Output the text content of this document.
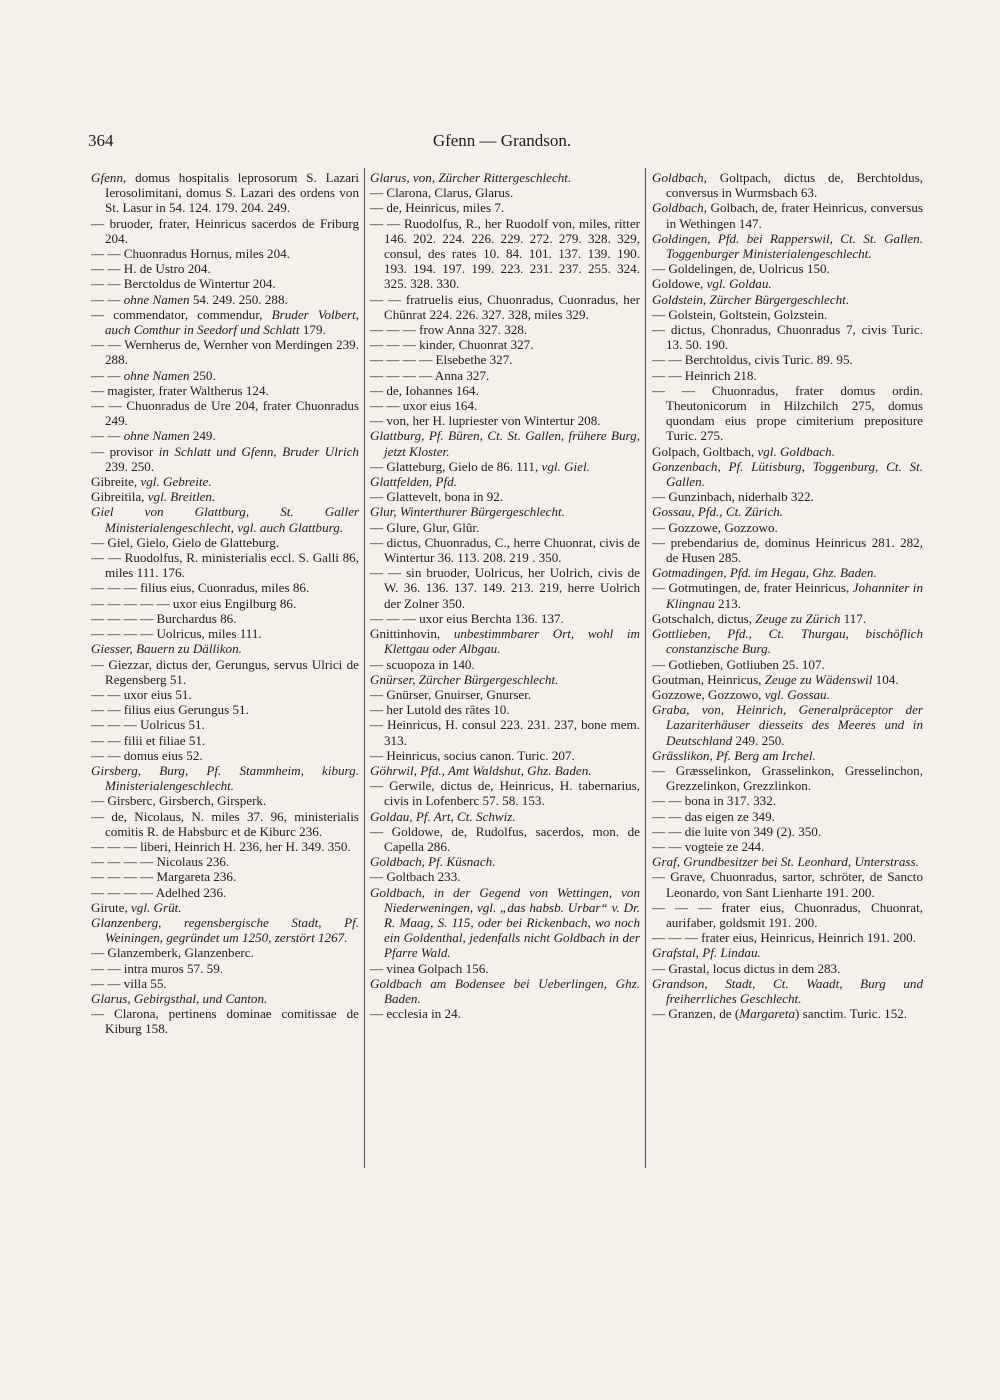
364	Gfenn — Grandson.

Gfenn, domus hospitalis leprosorum S. Lazari Ierosolimitani, domus S. Lazari des ordens von St. Lasur in 54. 124. 179. 204. 249.

— bruoder, frater, Heinricus sacerdos de Friburg 204.

— — Chuonradus Hornus, miles 204.

— — H. de Ustro 204.

— — Berctoldus de Wintertur 204.

— — ohne Namen 54. 249. 250. 288.

— commendator, commendur, Bruder Volbert, auch Comthur in Seedorf und Schlatt 179.

— — Wernherus de, Wernher von Merdingen 239. 288.

— — ohne Namen 250.

— magister, frater Waltherus 124.

— — Chuonradus de Ure 204, frater Chuonradus 249.

— — ohne Namen 249.

— provisor in Schlatt und Gfenn, Bruder Ulrich 239. 250.

Gibreite, vgl. Gebreite.

Gibreitila, vgl. Breitlen.

Giel von Glattburg, St. Galler Ministerialengeschlecht, vgl. auch Glattburg.

— Giel, Gielo, Gielo de Glatteburg.

— — Ruodolfus, R. ministerialis eccl. S. Galli 86, miles 111. 176.

— — — filius eius, Cuonradus, miles 86.

— — — — — uxor eius Engilburg 86.

— — — — Burchardus 86.

— — — — Uolricus, miles 111.

Giesser, Bauern zu Dällikon.

— Giezzar, dictus der, Gerungus, servus Ulrici de Regensberg 51.

— — uxor eius 51.

— — filius eius Gerungus 51.

— — — Uolricus 51.

— — filii et filiae 51.

— — domus eius 52.

Girsberg, Burg, Pf. Stammheim, kiburg. Ministerialengeschlecht.

— Girsberc, Girsberch, Girsperk.

— de, Nicolaus, N. miles 37. 96, ministerialis comitis R. de Habsburc et de Kiburc 236.

— — — liberi, Heinrich H. 236, her H. 349. 350.

— — — — Nicolaus 236.

— — — — Margareta 236.

— — — — Adelhed 236.

Girute, vgl. Grüt.

Glanzenberg, regensbergische Stadt, Pf. Weiningen, gegründet um 1250, zerstört 1267.

— Glanzemberk, Glanzenberc.

— — intra muros 57. 59.

— — villa 55.

Glarus, Gebirgsthal, und Canton.

— Clarona, pertinens dominae comitissae de Kiburg 158.

Glarus, von, Zürcher Rittergeschlecht.

— Clarona, Clarus, Glarus.

— de, Heinricus, miles 7.

— — Ruodolfus, R., her Ruodolf von, miles, ritter 146. 202. 224. 226. 229. 272. 279. 328. 329, consul, des rates 10. 84. 101. 137. 139. 190. 193. 194. 197. 199. 223. 231. 237. 255. 324. 325. 328. 330.

— — fratruelis eius, Chuonradus, Cuonradus, her Chûnrat 224. 226. 327. 328, miles 329.

— — — frow Anna 327. 328.

— — — kinder, Chuonrat 327.

— — — — Elsebethe 327.

— — — — Anna 327.

— de, Iohannes 164.

— — uxor eius 164.

— von, her H. lupriester von Wintertur 208.

Glattburg, Pf. Büren, Ct. St. Gallen, frühere Burg, jetzt Kloster.

— Glatteburg, Gielo de 86. 111, vgl. Giel.

Glattfelden, Pfd.

— Glattevelt, bona in 92.

Glur, Winterthurer Bürgergeschlecht.

— Glure, Glur, Glûr.

— dictus, Chuonradus, C., herre Chuonrat, civis de Wintertur 36. 113. 208. 219 . 350.

— — sin bruoder, Uolricus, her Uolrich, civis de W. 36. 136. 137. 149. 213. 219, herre Uolrich der Zolner 350.

— — — uxor eius Berchta 136. 137.

Gnittinhovin, unbestimmbarer Ort, wohl im Klettgau oder Albgau.

— scuopoza in 140.

Gnürser, Zürcher Bürgergeschlecht.

— Gnürser, Gnuirser, Gnurser.

— her Lutold des râtes 10.

— Heinricus, H. consul 223. 231. 237, bone mem. 313.

— Heinricus, socius canon. Turic. 207.

Göhrwil, Pfd., Amt Waldshut, Ghz. Baden.

— Gerwile, dictus de, Heinricus, H. tabernarius, civis in Lofenberc 57. 58. 153.

Goldau, Pf. Art, Ct. Schwiz.

— Goldowe, de, Rudolfus, sacerdos, mon. de Capella 286.

Goldbach, Pf. Küsnach.

— Goltbach 233.

Goldbach, in der Gegend von Wettingen, von Niederweningen, vgl. „das habsb. Urbar“ v. Dr. R. Maag, S. 115, oder bei Rickenbach, wo noch ein Goldenthal, jedenfalls nicht Goldbach in der Pfarre Wald.

— vinea Golpach 156.

Goldbach am Bodensee bei Ueberlingen, Ghz. Baden.

— ecclesia in 24.

Goldbach, Goltpach, dictus de, Berchtoldus, conversus in Wurmsbach 63.

Goldbach, Golbach, de, frater Heinricus, conversus in Wethingen 147.

Goldingen, Pfd. bei Rapperswil, Ct. St. Gallen. Toggenburger Ministerialengeschlecht.

— Goldelingen, de, Uolricus 150.

Goldowe, vgl. Goldau.

Goldstein, Zürcher Bürgergeschlecht.

— Golstein, Goltstein, Golzstein.

— dictus, Chonradus, Chuonradus 7, civis Turic. 13. 50. 190.

— — Berchtoldus, civis Turic. 89. 95.

— — Heinrich 218.

— — Chuonradus, frater domus ordin. Theutonicorum in Hilzchilch 275, domus quondam eius prope cimiterium prepositure Turic. 275.

Golpach, Goltbach, vgl. Goldbach.

Gonzenbach, Pf. Lütisburg, Toggenburg, Ct. St. Gallen.

— Gunzinbach, niderhalb 322.

Gossau, Pfd., Ct. Zürich.

— Gozzowe, Gozzowo.

— prebendarius de, dominus Heinricus 281. 282, de Husen 285.

Gotmadingen, Pfd. im Hegau, Ghz. Baden.

— Gotmutingen, de, frater Heinricus, Johanniter in Klingnau 213.

Gotschalch, dictus, Zeuge zu Zürich 117.

Gottlieben, Pfd., Ct. Thurgau, bischöflich constanzische Burg.

— Gotlieben, Gotliuben 25. 107.

Goutman, Heinricus, Zeuge zu Wädenswil 104.

Gozzowe, Gozzowo, vgl. Gossau.

Graba, von, Heinrich, Generalpräceptor der Lazariterhäuser diesseits des Meeres und in Deutschland 249. 250.

Grässlikon, Pf. Berg am Irchel.

— Græsselinkon, Grasselinkon, Gresselinchon, Grezzelinkon, Grezzlinkon.

— — bona in 317. 332.

— — das eigen ze 349.

— — die luite von 349 (2). 350.

— — vogteie ze 244.

Graf, Grundbesitzer bei St. Leonhard, Unterstrass.

— Grave, Chuonradus, sartor, schröter, de Sancto Leonardo, von Sant Lienharte 191. 200.

— — — frater eius, Chuonradus, Chuonrat, aurifaber, goldsmit 191. 200.

— — — frater eius, Heinricus, Heinrich 191. 200.

Grafstal, Pf. Lindau.

— Grastal, locus dictus in dem 283.

Grandson, Stadt, Ct. Waadt, Burg und freiherrliches Geschlecht.

— Granzen, de (Margareta) sanctim. Turic. 152.
